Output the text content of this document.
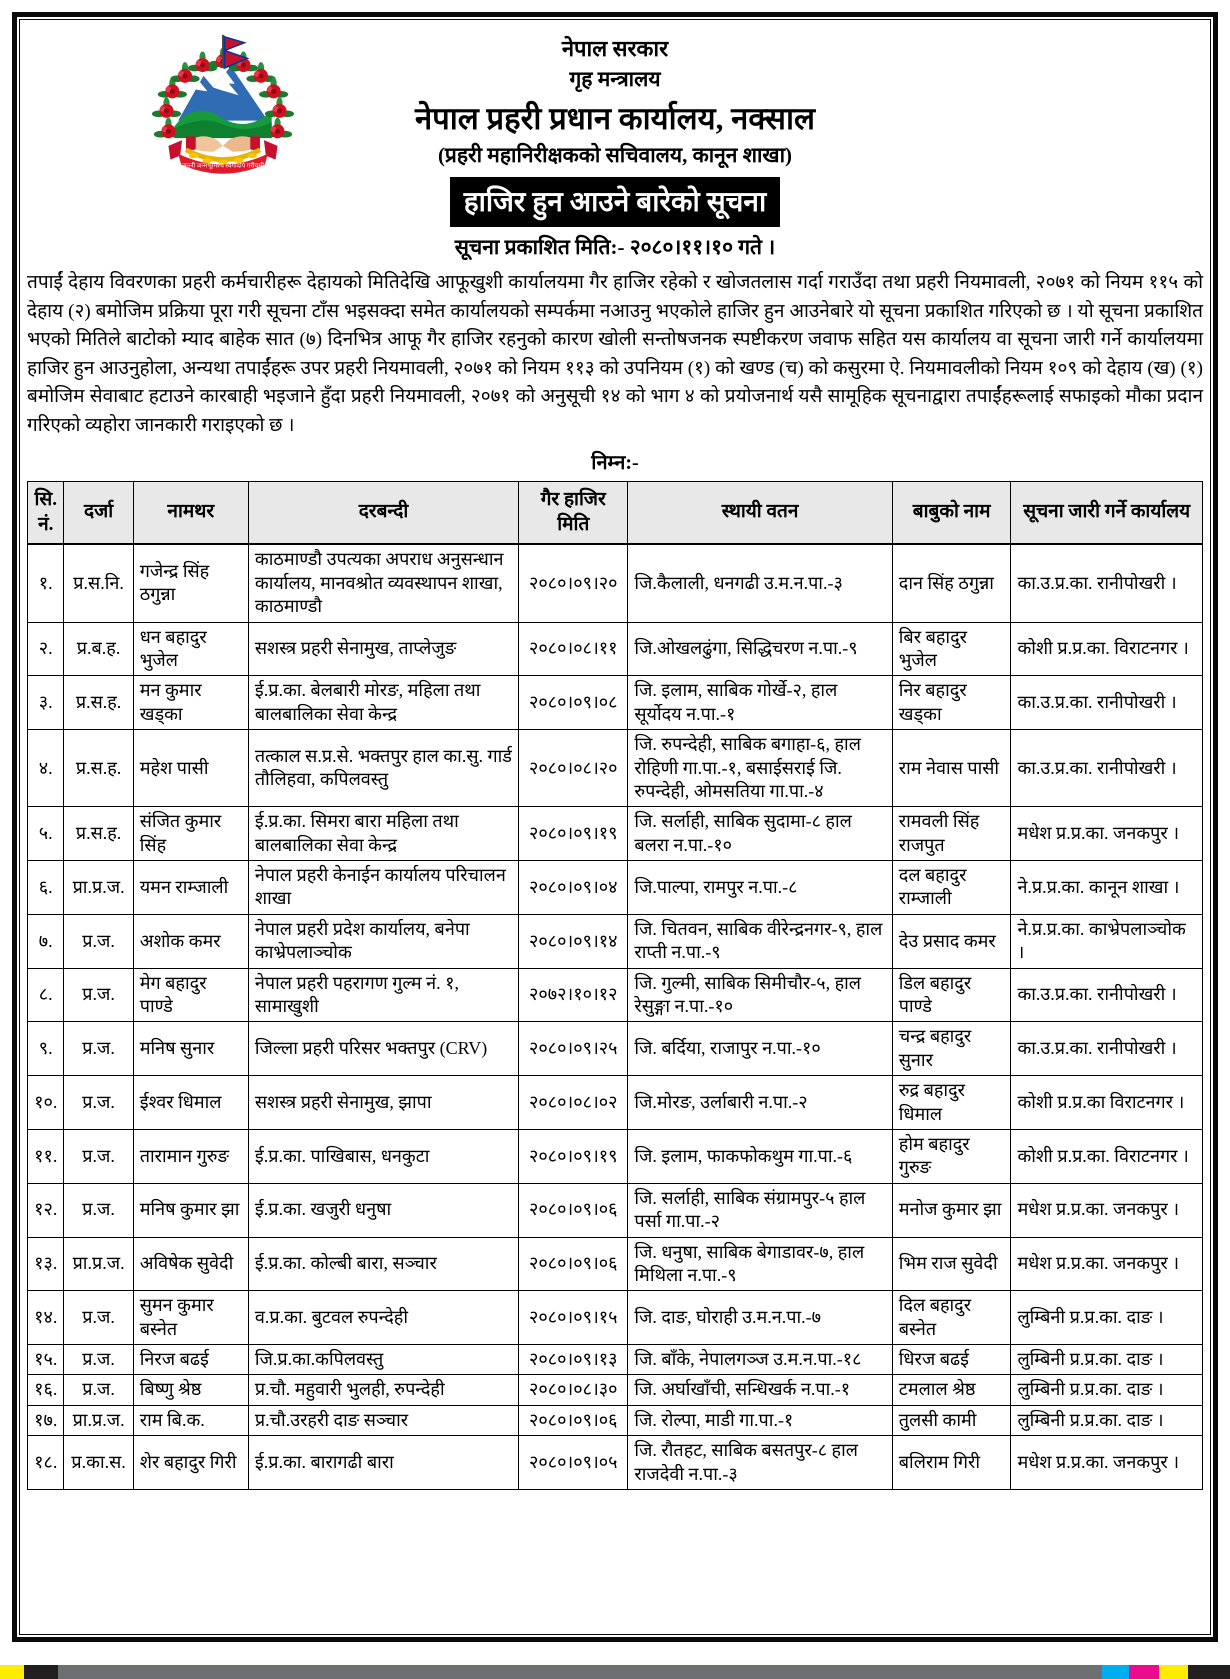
जननी जन्मभूमिश्च स्वर्गादपि गरीयसी
नेपाल सरकार
गृह मन्त्रालय
नेपाल प्रहरी प्रधान कार्यालय, नक्साल
(प्रहरी महानिरीक्षकको सचिवालय, कानून शाखा)
हाजिर हुन आउने बारेको सूचना
सूचना प्रकाशित मिति:- २०८०।११।१० गते ।

तपाईं देहाय विवरणका प्रहरी कर्मचारीहरू देहायको मितिदेखि आफूखुशी कार्यालयमा गैर हाजिर रहेको र खोजतलास गर्दा गराउँदा तथा प्रहरी नियमावली, २०७१ को नियम ११५ को देहाय (२) बमोजिम प्रक्रिया पूरा गरी सूचना टाँस भइसक्दा समेत कार्यालयको सम्पर्कमा नआउनु भएकोले हाजिर हुन आउनेबारे यो सूचना प्रकाशित गरिएको छ । यो सूचना प्रकाशित भएको मितिले बाटोको म्याद बाहेक सात (७) दिनभित्र आफू गैर हाजिर रहनुको कारण खोली सन्तोषजनक स्पष्टीकरण जवाफ सहित यस कार्यालय वा सूचना जारी गर्ने कार्यालयमा हाजिर हुन आउनुहोला, अन्यथा तपाईंहरू उपर प्रहरी नियमावली, २०७१ को नियम ११३ को उपनियम (१) को खण्ड (च) को कसुरमा ऐ. नियमावलीको नियम १०९ को देहाय (ख) (१) बमोजिम सेवाबाट हटाउने कारबाही भइजाने हुँदा प्रहरी नियमावली, २०७१ को अनुसूची १४ को भाग ४ को प्रयोजनार्थ यसै सामूहिक सूचनाद्वारा तपाईंहरूलाई सफाइको मौका प्रदान गरिएको व्यहोरा जानकारी गराइएको छ ।

निम्न:-
सि. नं.	दर्जा	नामथर	दरबन्दी	गैर हाजिर मिति	स्थायी वतन	बाबुको नाम	सूचना जारी गर्ने कार्यालय
१.	प्र.स.नि.	गजेन्द्र सिंह ठगुन्ना	काठमाण्डौ उपत्यका अपराध अनुसन्धान कार्यालय, मानवश्रोत व्यवस्थापन शाखा, काठमाण्डौ	२०८०।०९।२०	जि.कैलाली, धनगढी उ.म.न.पा.-३	दान सिंह ठगुन्ना	का.उ.प्र.का. रानीपोखरी ।
२.	प्र.ब.ह.	धन बहादुर भुजेल	सशस्त्र प्रहरी सेनामुख, ताप्लेजुङ	२०८०।०८।११	जि.ओखलढुंगा, सिद्धिचरण न.पा.-९	बिर बहादुर भुजेल	कोशी प्र.प्र.का. विराटनगर ।
३.	प्र.स.ह.	मन कुमार खड्का	ई.प्र.का. बेलबारी मोरङ, महिला तथा बालबालिका सेवा केन्द्र	२०८०।०९।०८	जि. इलाम, साबिक गोर्खे-२, हाल सूर्योदय न.पा.-१	निर बहादुर खड्का	का.उ.प्र.का. रानीपोखरी ।
४.	प्र.स.ह.	महेश पासी	तत्काल स.प्र.से. भक्तपुर हाल का.सु. गार्ड तौलिहवा, कपिलवस्तु	२०८०।०८।२०	जि. रुपन्देही, साबिक बगाहा-६, हाल रोहिणी गा.पा.-१, बसाईसराई जि. रुपन्देही, ओमसतिया गा.पा.-४	राम नेवास पासी	का.उ.प्र.का. रानीपोखरी ।
५.	प्र.स.ह.	संजित कुमार सिंह	ई.प्र.का. सिमरा बारा महिला तथा बालबालिका सेवा केन्द्र	२०८०।०९।१९	जि. सर्लाही, साबिक सुदामा-८ हाल बलरा न.पा.-१०	रामवली सिंह राजपुत	मधेश प्र.प्र.का. जनकपुर ।
६.	प्रा.प्र.ज.	यमन राम्जाली	नेपाल प्रहरी केनाईन कार्यालय परिचालन शाखा	२०८०।०९।०४	जि.पाल्पा, रामपुर न.पा.-८	दल बहादुर राम्जाली	ने.प्र.प्र.का. कानून शाखा ।
७.	प्र.ज.	अशोक कमर	नेपाल प्रहरी प्रदेश कार्यालय, बनेपा काभ्रेपलाञ्चोक	२०८०।०९।१४	जि. चितवन, साबिक वीरेन्द्रनगर-९, हाल राप्ती न.पा.-९	देउ प्रसाद कमर	ने.प्र.प्र.का. काभ्रेपलाञ्चोक ।
८.	प्र.ज.	मेग बहादुर पाण्डे	नेपाल प्रहरी पहरागण गुल्म नं. १, सामाखुशी	२०७२।१०।१२	जि. गुल्मी, साबिक सिमीचौर-५, हाल रेसुङ्गा न.पा.-१०	डिल बहादुर पाण्डे	का.उ.प्र.का. रानीपोखरी ।
९.	प्र.ज.	मनिष सुनार	जिल्ला प्रहरी परिसर भक्तपुर (CRV)	२०८०।०९।२५	जि. बर्दिया, राजापुर न.पा.-१०	चन्द्र बहादुर सुनार	का.उ.प्र.का. रानीपोखरी ।
१०.	प्र.ज.	ईश्वर धिमाल	सशस्त्र प्रहरी सेनामुख, झापा	२०८०।०८।०२	जि.मोरङ, उर्लाबारी न.पा.-२	रुद्र बहादुर धिमाल	कोशी प्र.प्र.का विराटनगर ।
११.	प्र.ज.	तारामान गुरुङ	ई.प्र.का. पाखिबास, धनकुटा	२०८०।०९।१९	जि. इलाम, फाकफोकथुम गा.पा.-६	होम बहादुर गुरुङ	कोशी प्र.प्र.का. विराटनगर ।
१२.	प्र.ज.	मनिष कुमार झा	ई.प्र.का. खजुरी धनुषा	२०८०।०९।०६	जि. सर्लाही, साबिक संग्रामपुर-५ हाल पर्सा गा.पा.-२	मनोज कुमार झा	मधेश प्र.प्र.का. जनकपुर ।
१३.	प्रा.प्र.ज.	अविषेक सुवेदी	ई.प्र.का. कोल्बी बारा, सञ्चार	२०८०।०९।०६	जि. धनुषा, साबिक बेगाडावर-७, हाल मिथिला न.पा.-९	भिम राज सुवेदी	मधेश प्र.प्र.का. जनकपुर ।
१४.	प्र.ज.	सुमन कुमार बस्नेत	व.प्र.का. बुटवल रुपन्देही	२०८०।०९।१५	जि. दाङ, घोराही उ.म.न.पा.-७	दिल बहादुर बस्नेत	लुम्बिनी प्र.प्र.का. दाङ ।
१५.	प्र.ज.	निरज बढई	जि.प्र.का.कपिलवस्तु	२०८०।०९।१३	जि. बाँके, नेपालगञ्ज उ.म.न.पा.-१८	धिरज बढई	लुम्बिनी प्र.प्र.का. दाङ ।
१६.	प्र.ज.	बिष्णु श्रेष्ठ	प्र.चौ. महुवारी भुलही, रुपन्देही	२०८०।०८।३०	जि. अर्घाखाँची, सन्धिखर्क न.पा.-१	टमलाल श्रेष्ठ	लुम्बिनी प्र.प्र.का. दाङ ।
१७.	प्रा.प्र.ज.	राम बि.क.	प्र.चौ.उरहरी दाङ सञ्चार	२०८०।०९।०६	जि. रोल्पा, माडी गा.पा.-१	तुलसी कामी	लुम्बिनी प्र.प्र.का. दाङ ।
१८.	प्र.का.स.	शेर बहादुर गिरी	ई.प्र.का. बारागढी बारा	२०८०।०९।०५	जि. रौतहट, साबिक बसतपुर-८ हाल राजदेवी न.पा.-३	बलिराम गिरी	मधेश प्र.प्र.का. जनकपुर ।
